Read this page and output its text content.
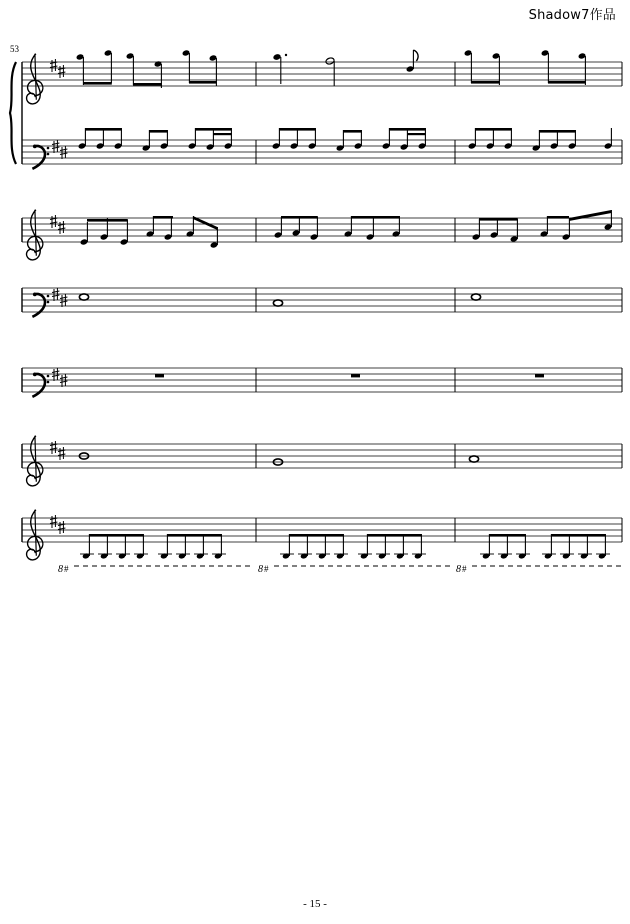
Shadow7作品
53
8 #	8 #	8 #
- 15 -
